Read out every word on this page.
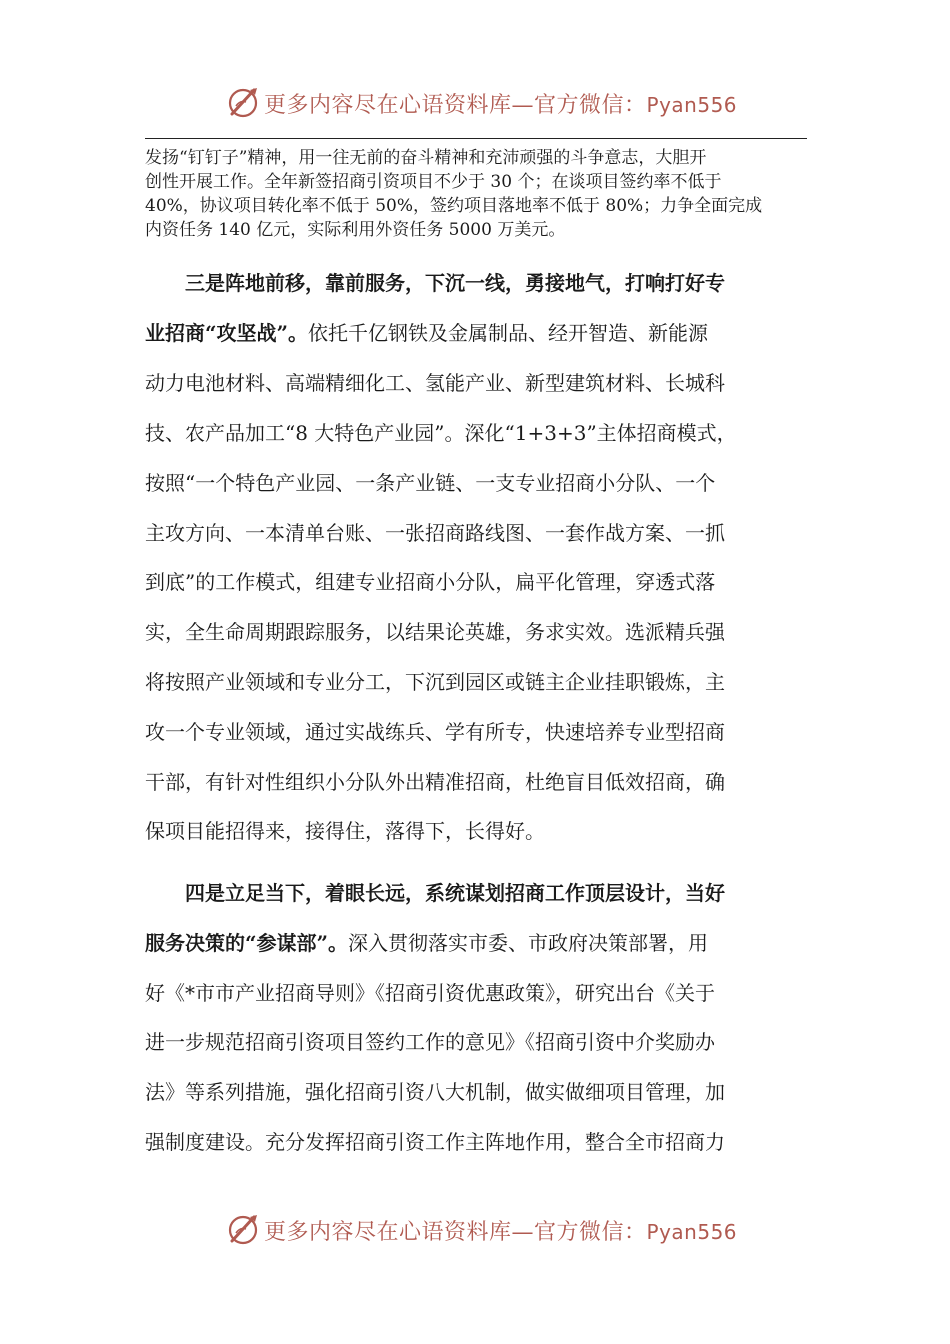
更多内容尽在心语资料库—官方微信：Pyan556

发扬“钉钉子”精神，用一往无前的奋斗精神和充沛顽强的斗争意志，大胆开

创性开展工作。全年新签招商引资项目不少于 30 个；在谈项目签约率不低于

40%，协议项目转化率不低于 50%，签约项目落地率不低于 80%；力争全面完成

内资任务 140 亿元，实际利用外资任务 5000 万美元。

三是阵地前移，靠前服务，下沉一线，勇接地气，打响打好专
业招商“攻坚战”。依托千亿钢铁及金属制品、经开智造、新能源
动力电池材料、高端精细化工、氢能产业、新型建筑材料、长城科
技、农产品加工“8 大特色产业园”。深化“1+3+3”主体招商模式，
按照“一个特色产业园、一条产业链、一支专业招商小分队、一个
主攻方向、一本清单台账、一张招商路线图、一套作战方案、一抓
到底”的工作模式，组建专业招商小分队，扁平化管理，穿透式落
实，全生命周期跟踪服务，以结果论英雄，务求实效。选派精兵强
将按照产业领域和专业分工，下沉到园区或链主企业挂职锻炼，主
攻一个专业领域，通过实战练兵、学有所专，快速培养专业型招商
干部，有针对性组织小分队外出精准招商，杜绝盲目低效招商，确
保项目能招得来，接得住，落得下，长得好。
四是立足当下，着眼长远，系统谋划招商工作顶层设计，当好
服务决策的“参谋部”。深入贯彻落实市委、市政府决策部署，用
好《*市市产业招商导则》《招商引资优惠政策》，研究出台《关于
进一步规范招商引资项目签约工作的意见》《招商引资中介奖励办
法》等系列措施，强化招商引资八大机制，做实做细项目管理，加
强制度建设。充分发挥招商引资工作主阵地作用，整合全市招商力
更多内容尽在心语资料库—官方微信：Pyan556
